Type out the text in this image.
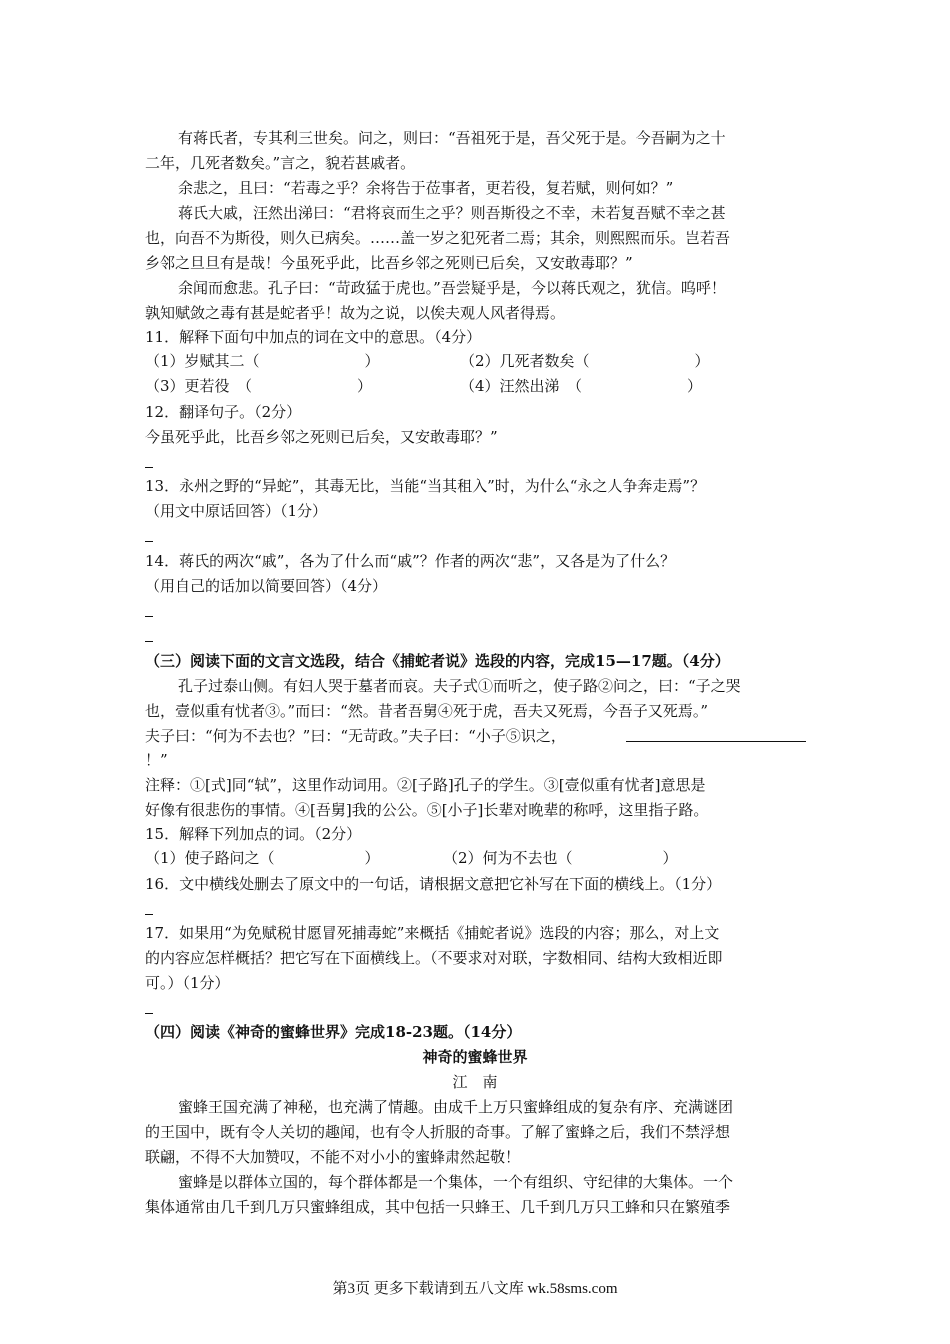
有蒋氏者，专其利三世矣。问之，则曰：“吾祖死于是，吾父死于是。今吾嗣为之十
二年，几死者数矣。”言之，貌若甚戚者。
余悲之，且曰：“若毒之乎？余将告于莅事者，更若役，复若赋，则何如？”
蒋氏大戚，汪然出涕曰：“君将哀而生之乎？则吾斯役之不幸，未若复吾赋不幸之甚
也，向吾不为斯役，则久已病矣。……盖一岁之犯死者二焉；其余，则熙熙而乐。岂若吾
乡邻之旦旦有是哉！今虽死乎此，比吾乡邻之死则已后矣，又安敢毒耶？”
余闻而愈悲。孔子曰：“苛政猛于虎也。”吾尝疑乎是，今以蒋氏观之，犹信。呜呼！
孰知赋敛之毒有甚是蛇者乎！故为之说，以俟夫观人风者得焉。
11．解释下面句中加点的词在文中的意思。（4分）
（1）岁赋其二（　　　　　　　）	（2）几死者数矣（　　　　　　　）
（3）更若役　（　　　　　　　）	（4）汪然出涕　（　　　　　　　）
12．翻译句子。（2分）
今虽死乎此，比吾乡邻之死则已后矣，又安敢毒耶？”
13．永州之野的“异蛇”，其毒无比，当能“当其租入”时，为什么“永之人争奔走焉”？
（用文中原话回答）（1分）
14．蒋氏的两次“戚”，各为了什么而“戚”？作者的两次“悲”，又各是为了什么？
（用自己的话加以简要回答）（4分）
（三）阅读下面的文言文选段，结合《捕蛇者说》选段的内容，完成15—17题。（4分）
孔子过泰山侧。有妇人哭于墓者而哀。夫子式①而听之，使子路②问之，曰：“子之哭
也，壹似重有忧者③。”而曰：“然。昔者吾舅④死于虎，吾夫又死焉，今吾子又死焉。”
夫子曰：“何为不去也？”曰：“无苛政。”夫子曰：“小子⑤识之，
！”
注释：①[式]同“轼”，这里作动词用。②[子路]孔子的学生。③[壹似重有忧者]意思是
好像有很悲伤的事情。④[吾舅]我的公公。⑤[小子]长辈对晚辈的称呼，这里指子路。
15．解释下列加点的词。（2分）
（1）使子路问之（　　　　　　）	（2）何为不去也（　　　　　　）
16．文中横线处删去了原文中的一句话，请根据文意把它补写在下面的横线上。（1分）
17．如果用“为免赋税甘愿冒死捕毒蛇”来概括《捕蛇者说》选段的内容；那么，对上文
的内容应怎样概括？把它写在下面横线上。（不要求对对联，字数相同、结构大致相近即
可。）（1分）
（四）阅读《神奇的蜜蜂世界》完成18-23题。（14分）
神奇的蜜蜂世界
江　南
蜜蜂王国充满了神秘，也充满了情趣。由成千上万只蜜蜂组成的复杂有序、充满谜团
的王国中，既有令人关切的趣闻，也有令人折服的奇事。了解了蜜蜂之后，我们不禁浮想
联翩，不得不大加赞叹，不能不对小小的蜜蜂肃然起敬！
蜜蜂是以群体立国的，每个群体都是一个集体，一个有组织、守纪律的大集体。一个
集体通常由几千到几万只蜜蜂组成，其中包括一只蜂王、几千到几万只工蜂和只在繁殖季
第3页 更多下载请到五八文库 wk.58sms.com
